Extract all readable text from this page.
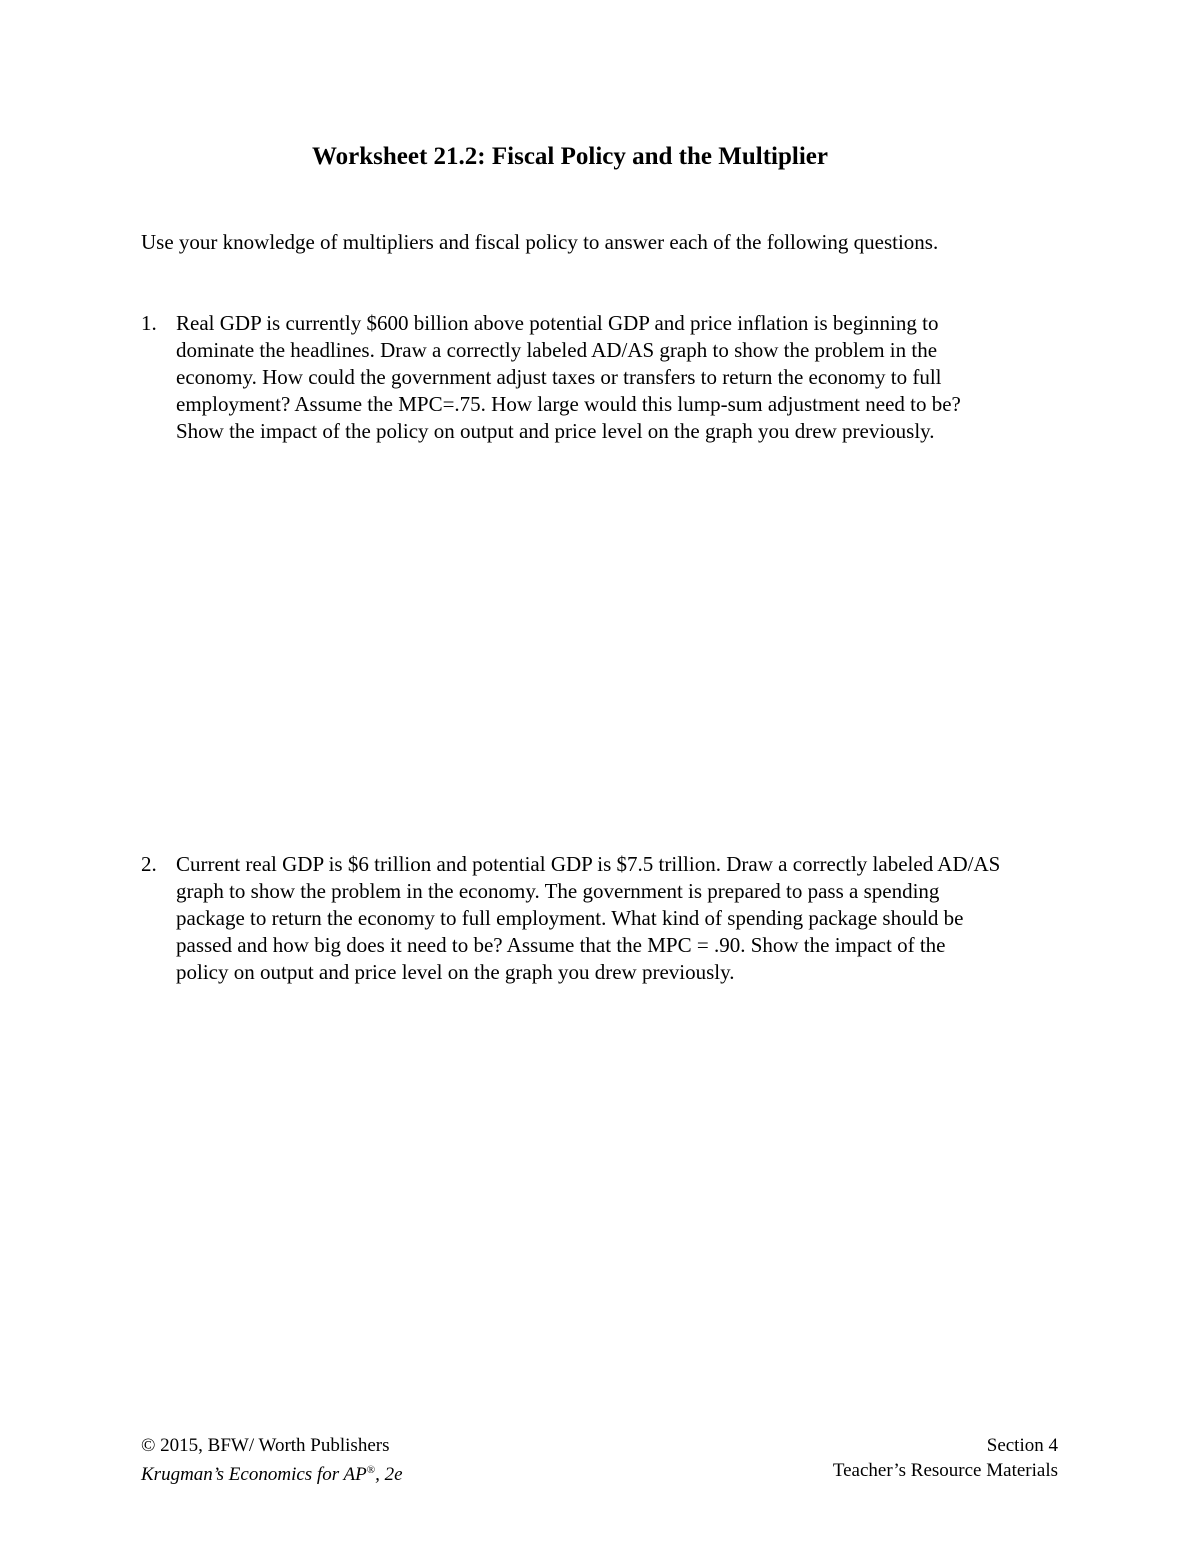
Worksheet 21.2: Fiscal Policy and the Multiplier

Use your knowledge of multipliers and fiscal policy to answer each of the following questions.

1. Real GDP is currently $600 billion above potential GDP and price inflation is beginning to dominate the headlines. Draw a correctly labeled AD/AS graph to show the problem in the economy. How could the government adjust taxes or transfers to return the economy to full employment? Assume the MPC=.75. How large would this lump-sum adjustment need to be? Show the impact of the policy on output and price level on the graph you drew previously.
2. Current real GDP is $6 trillion and potential GDP is $7.5 trillion. Draw a correctly labeled AD/AS graph to show the problem in the economy. The government is prepared to pass a spending package to return the economy to full employment. What kind of spending package should be passed and how big does it need to be? Assume that the MPC = .90. Show the impact of the policy on output and price level on the graph you drew previously.
© 2015, BFW/ Worth Publishers
Krugman’s Economics for AP®, 2e
Section 4
Teacher’s Resource Materials
